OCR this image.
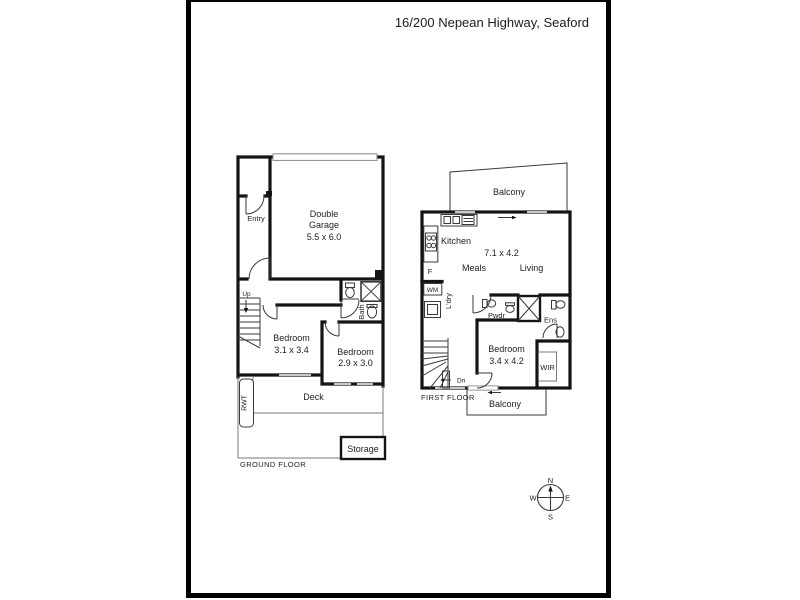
16/200 Nepean Highway, Seaford
Entry	Double
Garage
5.5 x 6.0
Up
Bath
Bedroom
3.1 x 3.4	Bedroom
2.9 x 3.0
Deck
RWT
Storage
GROUND FLOOR
Balcony
Kitchen
7.1 x 4.2
Meals	Living
F
WM
L'dry
Pwdr	Ens
Bedroom
3.4 x 4.2
WIR
Dn
Balcony
FIRST FLOOR
N
E
S
W
